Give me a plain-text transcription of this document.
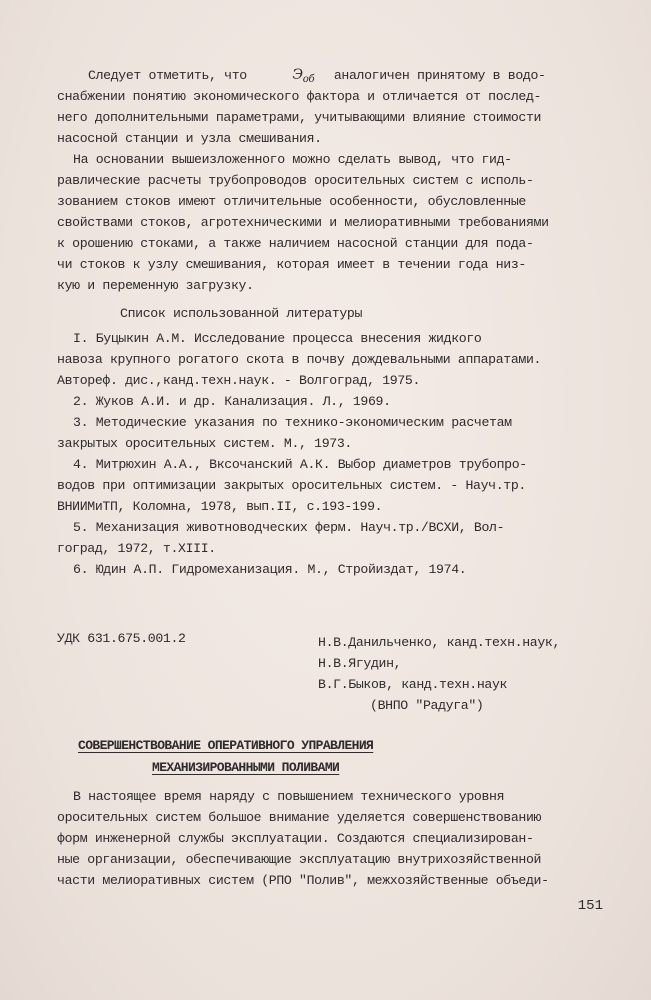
Следует отметить, что	$Э_{об}$ аналогичен принятому в водо-
снабжении понятию экономического фактора и отличается от послед-
него дополнительными параметрами, учитывающими влияние стоимости
насосной станции и узла смешивания.
На основании вышеизложенного можно сделать вывод, что гид-
равлические расчеты трубопроводов оросительных систем с исполь-
зованием стоков имеют отличительные особенности, обусловленные
свойствами стоков, агротехническими и мелиоративными требованиями
к орошению стоками, а также наличием насосной станции для пода-
чи стоков к узлу смешивания, которая имеет в течении года низ-
кую и переменную загрузку.
Список использованной литературы
I. Буцыкин А.М. Исследование процесса внесения жидкого
навоза крупного рогатого скота в почву дождевальными аппаратами.
Автореф. дис.,канд.техн.наук. - Волгоград, 1975.
2. Жуков А.И. и др. Канализация. Л., 1969.
3. Методические указания по технико-экономическим расчетам
закрытых оросительных систем. М., 1973.
4. Митрюхин А.А., Вксочанский А.К. Выбор диаметров трубопро-
водов при оптимизации закрытых оросительных систем. - Науч.тр.
ВНИИМиТП, Коломна, 1978, вып.II, с.193-199.
5. Механизация животноводческих ферм. Науч.тр./ВСХИ, Вол-
гоград, 1972, т.XIII.
6. Юдин А.П. Гидромеханизация. М., Стройиздат, 1974.
УДК 631.675.001.2	Н.В.Данильченко, канд.техн.наук,
Н.В.Ягудин,
В.Г.Быков, канд.техн.наук
(ВНПО "Радуга")
СОВЕРШЕНСТВОВАНИЕ ОПЕРАТИВНОГО УПРАВЛЕНИЯ
МЕХАНИЗИРОВАННЫМИ ПОЛИВАМИ
В настоящее время наряду с повышением технического уровня
оросительных систем большое внимание уделяется совершенствованию
форм инженерной службы эксплуатации. Создаются специализирован-
ные организации, обеспечивающие эксплуатацию внутрихозяйственной
части мелиоративных систем (РПО "Полив", межхозяйственные объеди-
151
